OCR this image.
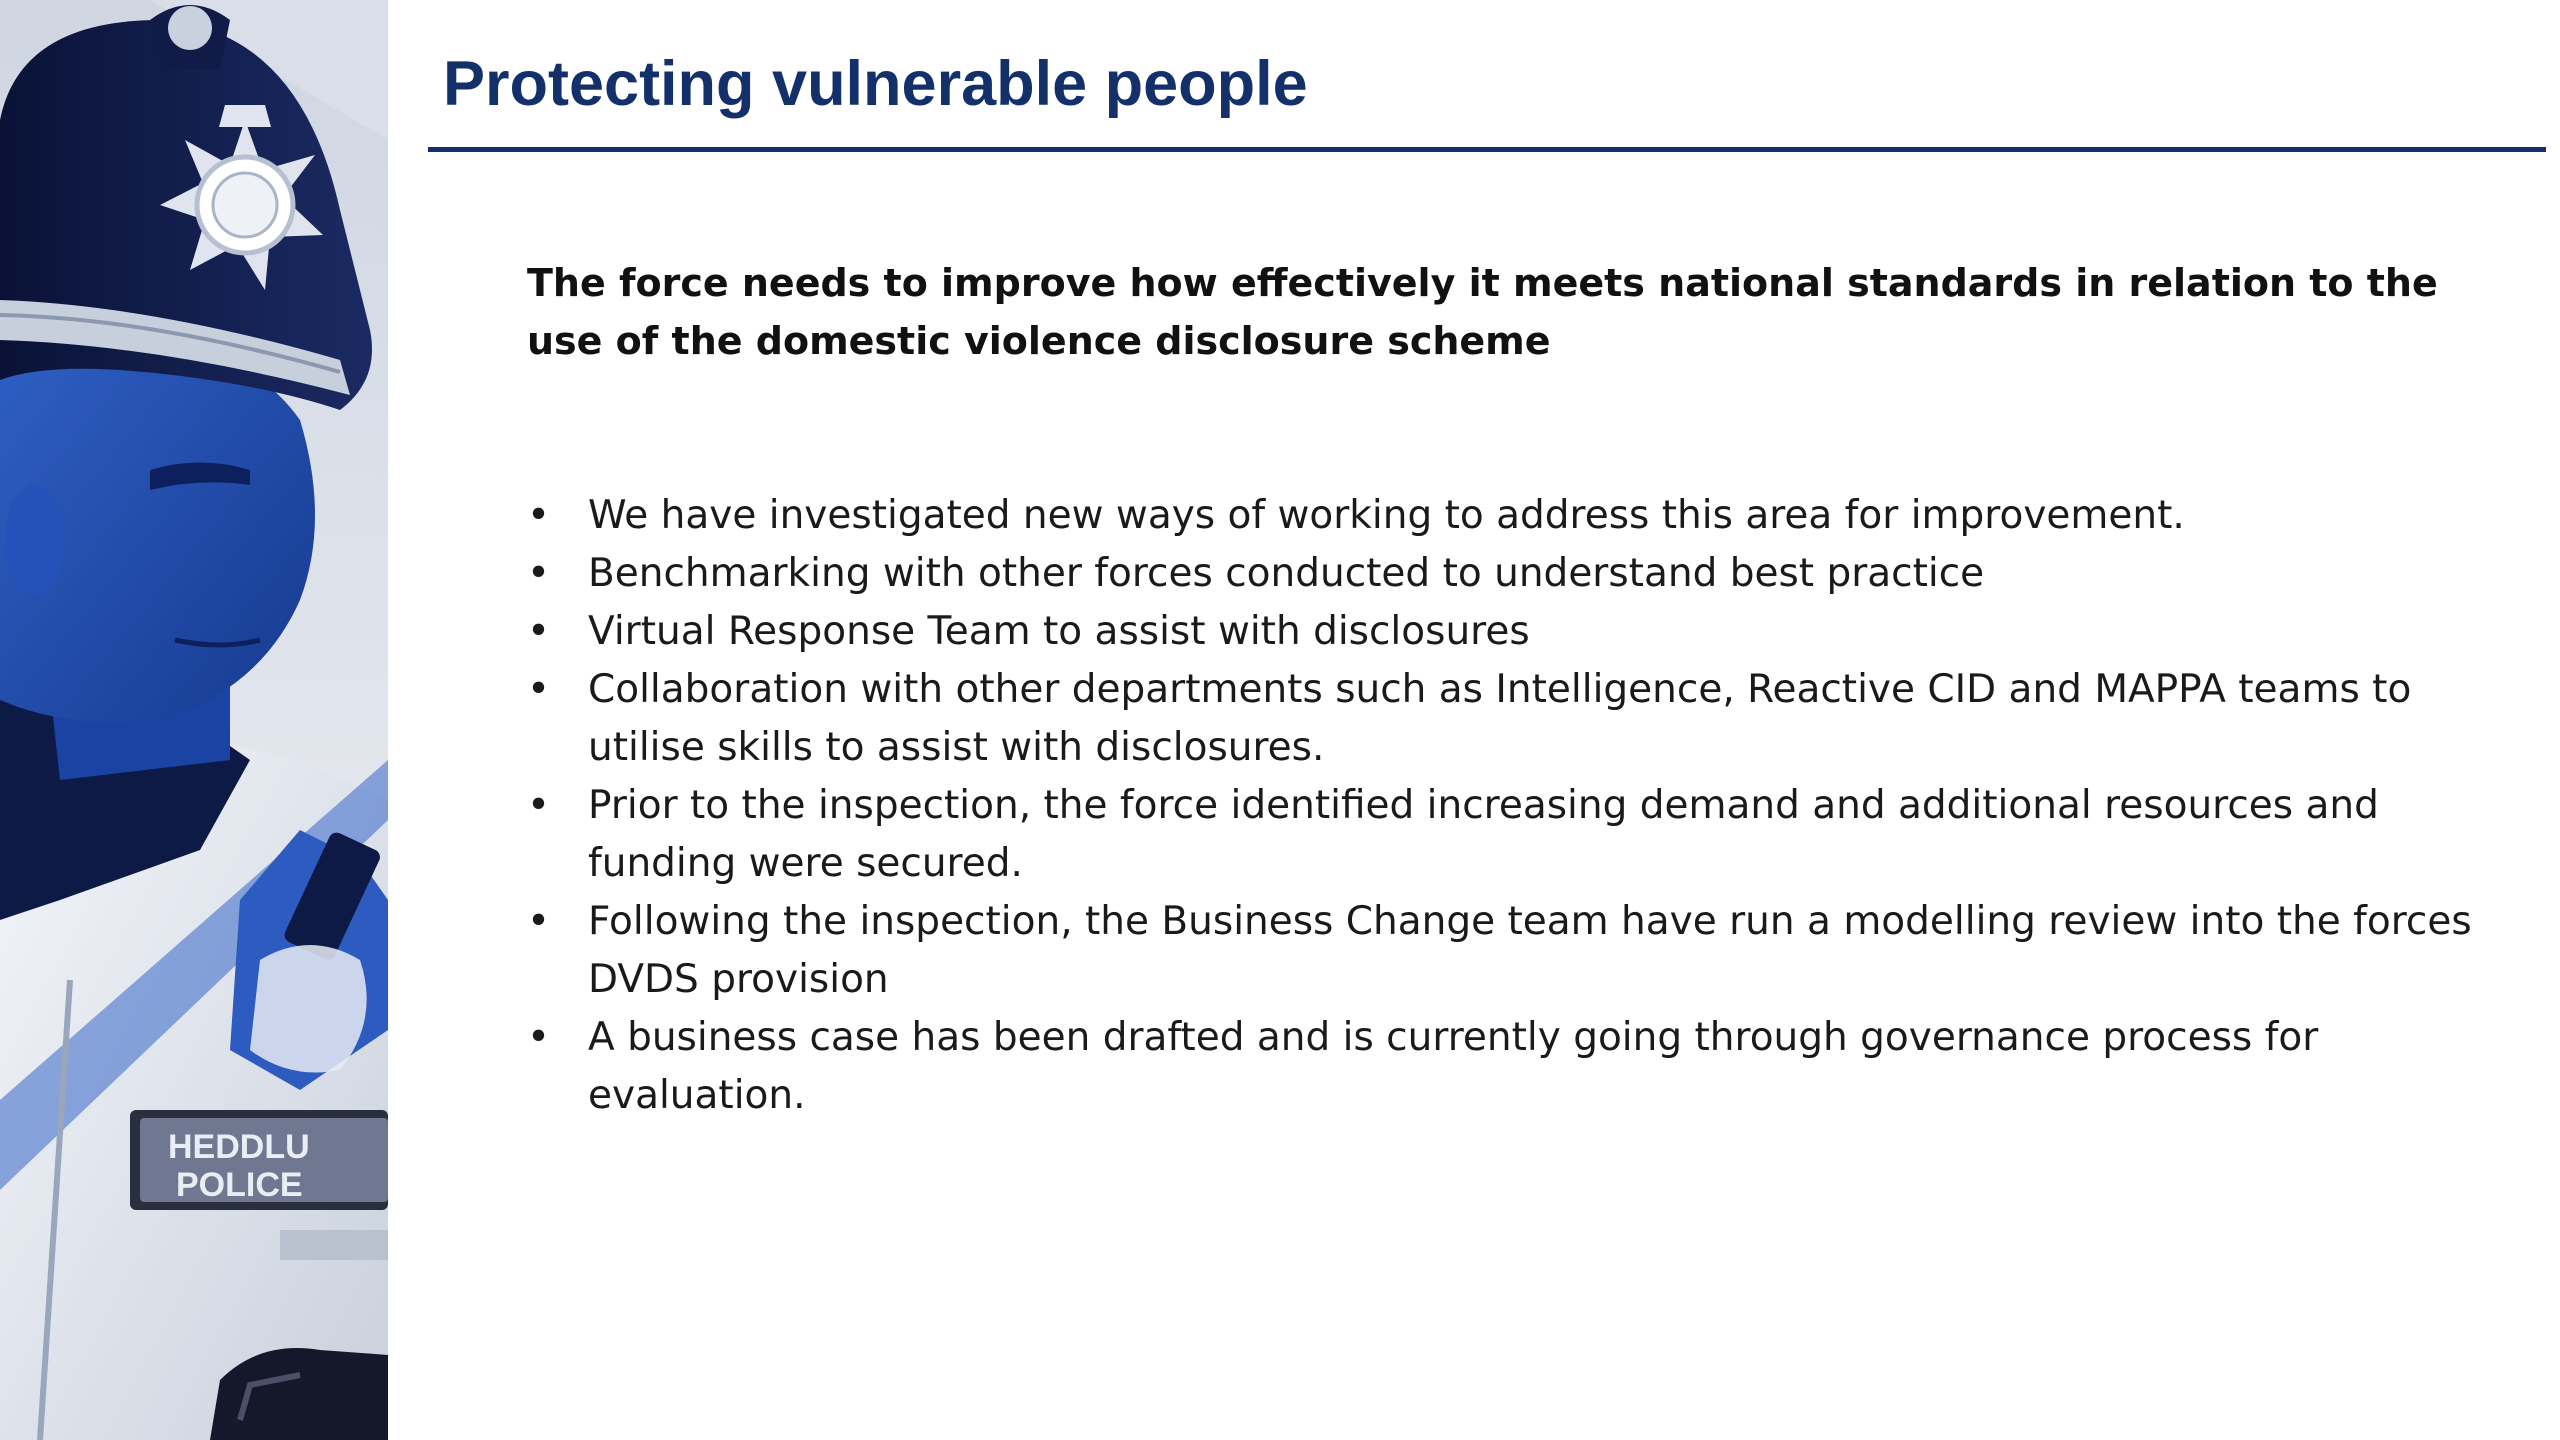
HEDDLU
POLICE
Protecting vulnerable people

The force needs to improve how effectively it meets national standards in relation to the use of the domestic violence disclosure scheme

• We have investigated new ways of working to address this area for improvement.
• Benchmarking with other forces conducted to understand best practice
• Virtual Response Team to assist with disclosures
• Collaboration with other departments such as Intelligence, Reactive CID and MAPPA teams to utilise skills to assist with disclosures.
• Prior to the inspection, the force identified increasing demand and additional resources and funding were secured.
• Following the inspection, the Business Change team have run a modelling review into the forces DVDS provision
• A business case has been drafted and is currently going through governance process for evaluation.
